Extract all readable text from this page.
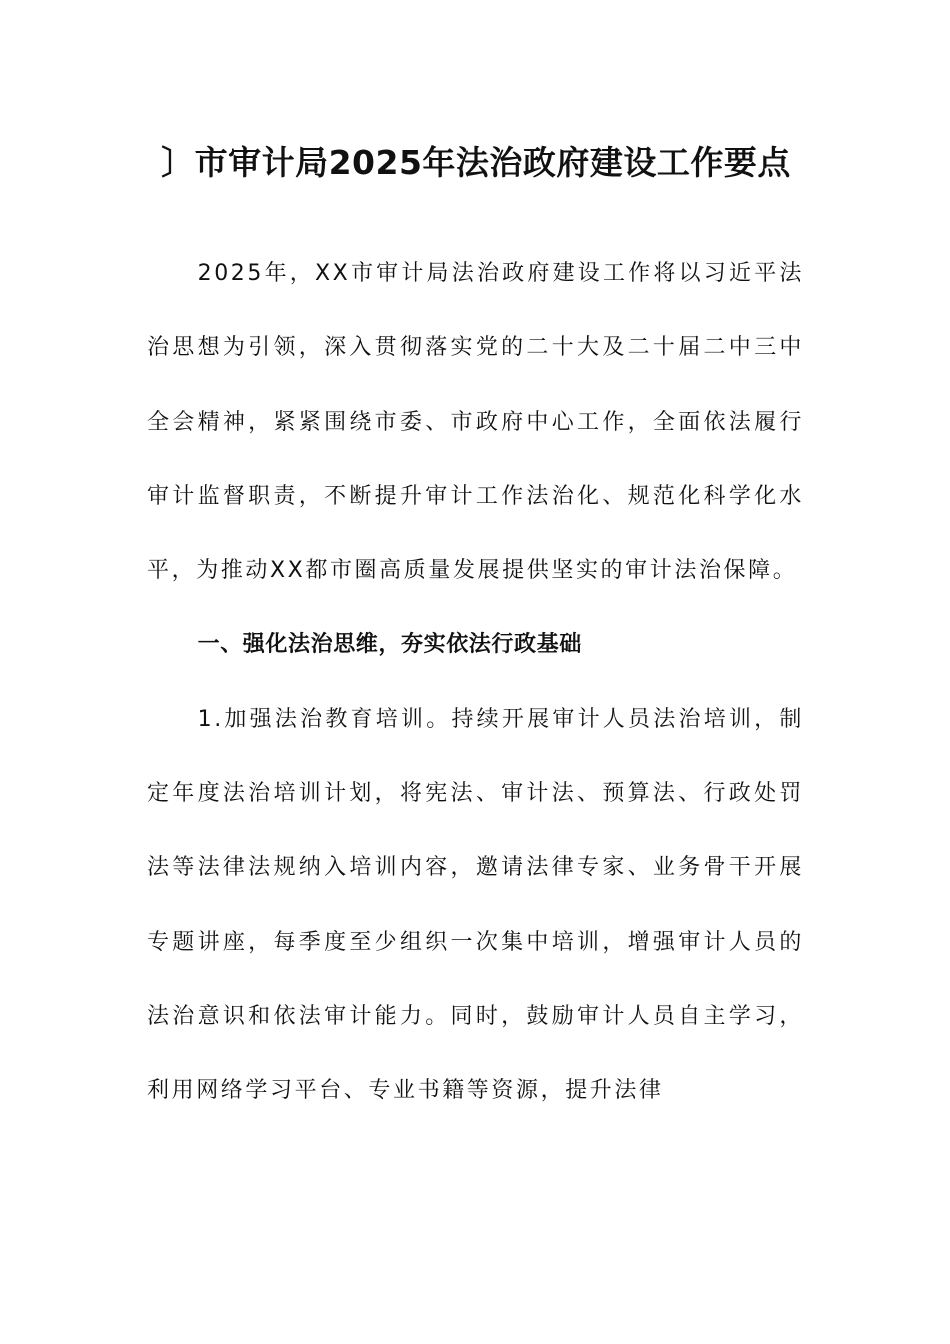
〕市审计局2025年法治政府建设工作要点

2025年，XX市审计局法治政府建设工作将以习近平法治思想为引领，深入贯彻落实党的二十大及二十届二中三中全会精神，紧紧围绕市委、市政府中心工作，全面依法履行审计监督职责，不断提升审计工作法治化、规范化科学化水平，为推动XX都市圈高质量发展提供坚实的审计法治保障。

一、强化法治思维，夯实依法行政基础

1.加强法治教育培训。持续开展审计人员法治培训，制定年度法治培训计划，将宪法、审计法、预算法、行政处罚法等法律法规纳入培训内容，邀请法律专家、业务骨干开展专题讲座，每季度至少组织一次集中培训，增强审计人员的法治意识和依法审计能力。同时，鼓励审计人员自主学习，利用网络学习平台、专业书籍等资源，提升法律
